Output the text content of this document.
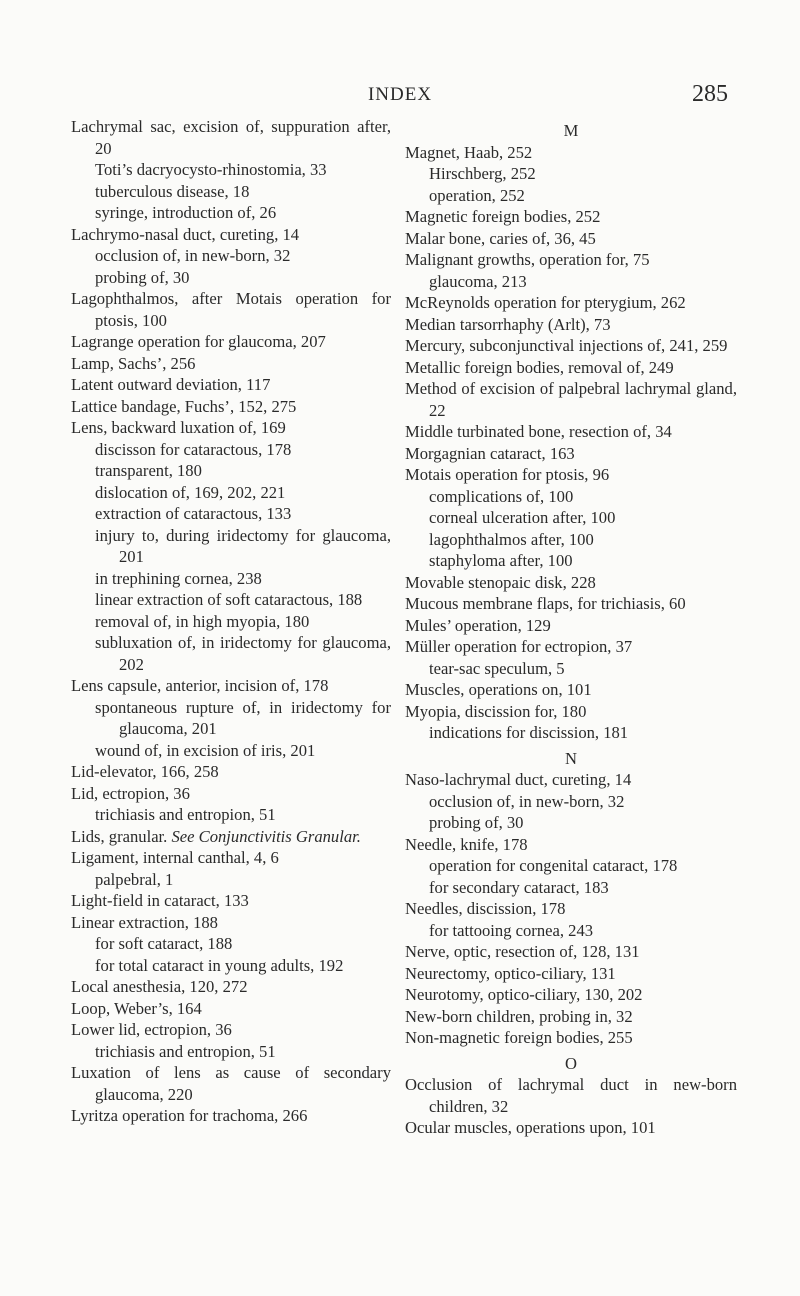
INDEX	285
Lachrymal sac, excision of, suppuration after, 20
Toti’s dacryocysto-rhinostomia, 33
tuberculous disease, 18
syringe, introduction of, 26
Lachrymo-nasal duct, cureting, 14
occlusion of, in new-born, 32
probing of, 30
Lagophthalmos, after Motais operation for ptosis, 100
Lagrange operation for glaucoma, 207
Lamp, Sachs’, 256
Latent outward deviation, 117
Lattice bandage, Fuchs’, 152, 275
Lens, backward luxation of, 169
discisson for cataractous, 178
transparent, 180
dislocation of, 169, 202, 221
extraction of cataractous, 133
injury to, during iridectomy for glaucoma, 201
in trephining cornea, 238
linear extraction of soft cataractous, 188
removal of, in high myopia, 180
subluxation of, in iridectomy for glaucoma, 202
Lens capsule, anterior, incision of, 178
spontaneous rupture of, in iridectomy for glaucoma, 201
wound of, in excision of iris, 201
Lid-elevator, 166, 258
Lid, ectropion, 36
trichiasis and entropion, 51
Lids, granular. See Conjunctivitis Granular.
Ligament, internal canthal, 4, 6
palpebral, 1
Light-field in cataract, 133
Linear extraction, 188
for soft cataract, 188
for total cataract in young adults, 192
Local anesthesia, 120, 272
Loop, Weber’s, 164
Lower lid, ectropion, 36
trichiasis and entropion, 51
Luxation of lens as cause of secondary glaucoma, 220
Lyritza operation for trachoma, 266
M
Magnet, Haab, 252
Hirschberg, 252
operation, 252
Magnetic foreign bodies, 252
Malar bone, caries of, 36, 45
Malignant growths, operation for, 75
glaucoma, 213
McReynolds operation for pterygium, 262
Median tarsorrhaphy (Arlt), 73
Mercury, subconjunctival injections of, 241, 259
Metallic foreign bodies, removal of, 249
Method of excision of palpebral lachrymal gland, 22
Middle turbinated bone, resection of, 34
Morgagnian cataract, 163
Motais operation for ptosis, 96
complications of, 100
corneal ulceration after, 100
lagophthalmos after, 100
staphyloma after, 100
Movable stenopaic disk, 228
Mucous membrane flaps, for trichiasis, 60
Mules’ operation, 129
Müller operation for ectropion, 37
tear-sac speculum, 5
Muscles, operations on, 101
Myopia, discission for, 180
indications for discission, 181
N
Naso-lachrymal duct, cureting, 14
occlusion of, in new-born, 32
probing of, 30
Needle, knife, 178
operation for congenital cataract, 178
for secondary cataract, 183
Needles, discission, 178
for tattooing cornea, 243
Nerve, optic, resection of, 128, 131
Neurectomy, optico-ciliary, 131
Neurotomy, optico-ciliary, 130, 202
New-born children, probing in, 32
Non-magnetic foreign bodies, 255
O
Occlusion of lachrymal duct in new-born children, 32
Ocular muscles, operations upon, 101
